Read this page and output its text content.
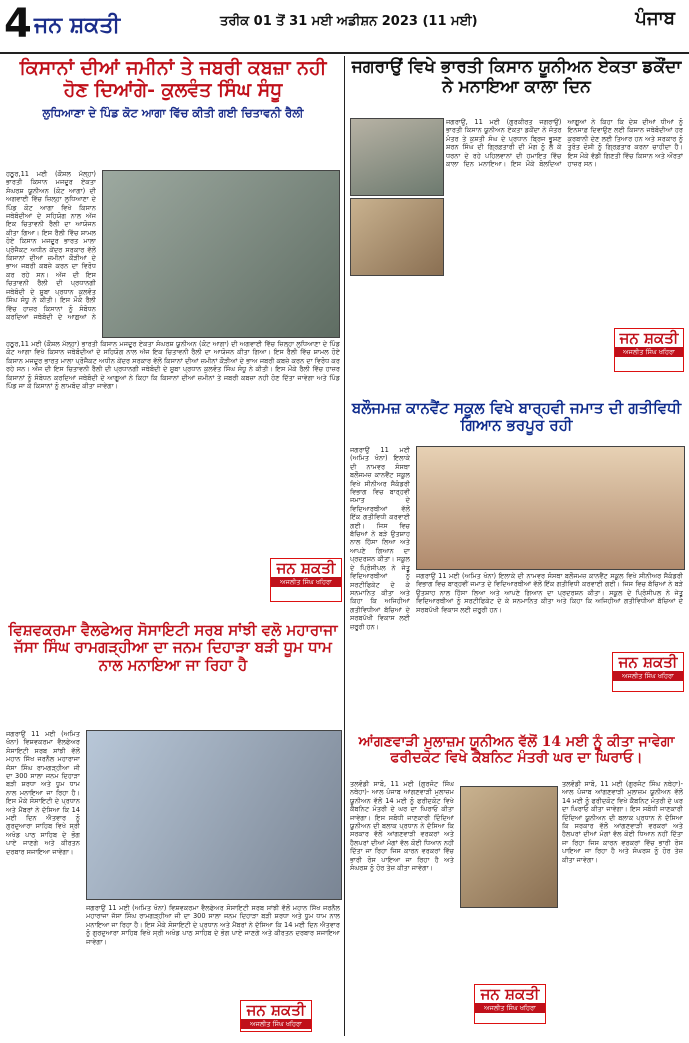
4 ਜਨ ਸ਼ਕਤੀ	ਤਰੀਕ 01 ਤੋਂ 31 ਮਈ ਅਡੀਸ਼ਨ 2023 (11 ਮਈ)	ਪੰਜਾਬ
ਕਿਸਾਨਾਂ ਦੀਆਂ ਜਮੀਨਾਂ ਤੇ ਜਬਰੀ ਕਬਜ਼ਾ ਨਹੀ ਹੋਣ ਦਿਆਂਗੇ- ਕੁਲਵੰਤ ਸਿੰਘ ਸੰਧੂ
ਲੁਧਿਆਣਾ ਦੇ ਪਿੰਡ ਕੋਟ ਆਗਾ ਵਿੱਚ ਕੀਤੀ ਗਈ ਚਿਤਾਵਨੀ ਰੈਲੀ
ਹਠੂਰ,11 ਮਈ (ਕੌਸ਼ਲ ਮੱਲ੍ਹਾ) ਭਾਰਤੀ ਕਿਸਾਨ ਮਜਦੂਰ ਏਕਤਾ ਸੰਘਰਸ਼ ਯੂਨੀਅਨ (ਕੋਟ ਆਗਾ) ਦੀ ਅਗਵਾਈ ਵਿੱਚ ਜ਼ਿਲ੍ਹਾ ਲੁਧਿਆਣਾ ਦੇ ਪਿੰਡ ਕੋਟ ਆਗਾ ਵਿਖੇ ਕਿਸਾਨ ਜਥੇਬੰਦੀਆਂ ਦੇ ਸਹਿਯੋਗ ਨਾਲ ਅੱਜ ਇਕ ਚਿਤਾਵਨੀ ਰੈਲੀ ਦਾ ਆਯੋਜਨ ਕੀਤਾ ਗਿਆ। ਇਸ ਰੈਲੀ ਵਿੱਚ ਸ਼ਾਮਲ ਹੋਏ ਕਿਸਾਨ ਮਜਦੂਰ ਭਾਰਤ ਮਾਲਾ ਪ੍ਰੋਜੈਕਟ ਅਧੀਨ ਕੇਂਦਰ ਸਰਕਾਰ ਵੱਲੋਂ ਕਿਸਾਨਾਂ ਦੀਆਂ ਜ਼ਮੀਨਾਂ ਕੌੜੀਆਂ ਦੇ ਭਾਅ ਜਬਰੀ ਕਬਜ਼ੇ ਕਰਨ ਦਾ ਵਿਰੋਧ ਕਰ ਰਹੇ ਸਨ। ਅੱਜ ਦੀ ਇਸ ਚਿਤਾਵਨੀ ਰੈਲੀ ਦੀ ਪ੍ਰਧਾਨਗੀ ਜਥੇਬੰਦੀ ਦੇ ਸੂਬਾ ਪ੍ਰਧਾਨ ਕੁਲਵੰਤ ਸਿੰਘ ਸੰਧੂ ਨੇ ਕੀਤੀ। ਇਸ ਮੌਕੇ ਰੈਲੀ ਵਿੱਚ ਹਾਜ਼ਰ ਕਿਸਾਨਾਂ ਨੂੰ ਸੰਬੋਧਨ ਕਰਦਿਆਂ ਜਥੇਬੰਦੀ ਦੇ ਆਗੂਆਂ ਨੇ
ਹਠੂਰ,11 ਮਈ (ਕੌਸ਼ਲ ਮੱਲ੍ਹਾ) ਭਾਰਤੀ ਕਿਸਾਨ ਮਜਦੂਰ ਏਕਤਾ ਸੰਘਰਸ਼ ਯੂਨੀਅਨ (ਕੋਟ ਆਗਾ) ਦੀ ਅਗਵਾਈ ਵਿੱਚ ਜ਼ਿਲ੍ਹਾ ਲੁਧਿਆਣਾ ਦੇ ਪਿੰਡ ਕੋਟ ਆਗਾ ਵਿਖੇ ਕਿਸਾਨ ਜਥੇਬੰਦੀਆਂ ਦੇ ਸਹਿਯੋਗ ਨਾਲ ਅੱਜ ਇਕ ਚਿਤਾਵਨੀ ਰੈਲੀ ਦਾ ਆਯੋਜਨ ਕੀਤਾ ਗਿਆ। ਇਸ ਰੈਲੀ ਵਿੱਚ ਸ਼ਾਮਲ ਹੋਏ ਕਿਸਾਨ ਮਜਦੂਰ ਭਾਰਤ ਮਾਲਾ ਪ੍ਰੋਜੈਕਟ ਅਧੀਨ ਕੇਂਦਰ ਸਰਕਾਰ ਵੱਲੋਂ ਕਿਸਾਨਾਂ ਦੀਆਂ ਜ਼ਮੀਨਾਂ ਕੌੜੀਆਂ ਦੇ ਭਾਅ ਜਬਰੀ ਕਬਜ਼ੇ ਕਰਨ ਦਾ ਵਿਰੋਧ ਕਰ ਰਹੇ ਸਨ। ਅੱਜ ਦੀ ਇਸ ਚਿਤਾਵਨੀ ਰੈਲੀ ਦੀ ਪ੍ਰਧਾਨਗੀ ਜਥੇਬੰਦੀ ਦੇ ਸੂਬਾ ਪ੍ਰਧਾਨ ਕੁਲਵੰਤ ਸਿੰਘ ਸੰਧੂ ਨੇ ਕੀਤੀ। ਇਸ ਮੌਕੇ ਰੈਲੀ ਵਿੱਚ ਹਾਜ਼ਰ ਕਿਸਾਨਾਂ ਨੂੰ ਸੰਬੋਧਨ ਕਰਦਿਆਂ ਜਥੇਬੰਦੀ ਦੇ ਆਗੂਆਂ ਨੇ ਕਿਹਾ ਕਿ ਕਿਸਾਨਾਂ ਦੀਆਂ ਜ਼ਮੀਨਾਂ ਤੇ ਜਬਰੀ ਕਬਜ਼ਾ ਨਹੀ ਹੋਣ ਦਿੱਤਾ ਜਾਵੇਗਾ ਅਤੇ ਪਿੰਡ ਪਿੰਡ ਜਾ ਕੇ ਕਿਸਾਨਾਂ ਨੂੰ ਲਾਮਬੰਦ ਕੀਤਾ ਜਾਵੇਗਾ।
ਜਨ ਸ਼ਕਤੀ
ਅਜਲੀਤ ਸਿੰਘ ਖਹਿਰਾ
ਵਿਸ਼ਵਕਰਮਾ ਵੈਲਫੇਅਰ ਸੋਸਾਇਟੀ ਸਰਬ ਸਾਂਝੀ ਵਲੋ ਮਹਾਰਾਜਾ ਜੱਸਾ ਸਿੰਘ ਰਾਮਗੜ੍ਹੀਆ ਦਾ ਜਨਮ ਦਿਹਾੜਾ ਬੜੀ ਧੂਮ ਧਾਮ ਨਾਲ ਮਨਾਇਆ ਜਾ ਰਿਹਾ ਹੈ
ਜਗਰਾਉਂ 11 ਮਈ (ਅਮਿਤ ਖੰਨਾ) ਵਿਸ਼ਵਕਰਮਾ ਵੈਲਫੇਅਰ ਸੋਸਾਇਟੀ ਸਰਬ ਸਾਂਝੀ ਵੱਲੋਂ ਮਹਾਨ ਸਿੱਖ ਜਰਨੈਲ ਮਹਾਰਾਜਾ ਜੱਸਾ ਸਿੰਘ ਰਾਮਗੜ੍ਹੀਆ ਜੀ ਦਾ 300 ਸਾਲਾ ਜਨਮ ਦਿਹਾੜਾ ਬੜੀ ਸ਼ਰਧਾ ਅਤੇ ਧੂਮ ਧਾਮ ਨਾਲ ਮਨਾਇਆ ਜਾ ਰਿਹਾ ਹੈ। ਇਸ ਮੌਕੇ ਸੋਸਾਇਟੀ ਦੇ ਪ੍ਰਧਾਨ ਅਤੇ ਮੈਂਬਰਾਂ ਨੇ ਦੱਸਿਆ ਕਿ 14 ਮਈ ਦਿਨ ਐਤਵਾਰ ਨੂੰ ਗੁਰਦੁਆਰਾ ਸਾਹਿਬ ਵਿਖੇ ਸ੍ਰੀ ਅਖੰਡ ਪਾਠ ਸਾਹਿਬ ਦੇ ਭੋਗ ਪਾਏ ਜਾਣਗੇ ਅਤੇ ਕੀਰਤਨ ਦਰਬਾਰ ਸਜਾਇਆ ਜਾਵੇਗਾ।
ਜਗਰਾਉਂ 11 ਮਈ (ਅਮਿਤ ਖੰਨਾ) ਵਿਸ਼ਵਕਰਮਾ ਵੈਲਫੇਅਰ ਸੋਸਾਇਟੀ ਸਰਬ ਸਾਂਝੀ ਵੱਲੋਂ ਮਹਾਨ ਸਿੱਖ ਜਰਨੈਲ ਮਹਾਰਾਜਾ ਜੱਸਾ ਸਿੰਘ ਰਾਮਗੜ੍ਹੀਆ ਜੀ ਦਾ 300 ਸਾਲਾ ਜਨਮ ਦਿਹਾੜਾ ਬੜੀ ਸ਼ਰਧਾ ਅਤੇ ਧੂਮ ਧਾਮ ਨਾਲ ਮਨਾਇਆ ਜਾ ਰਿਹਾ ਹੈ। ਇਸ ਮੌਕੇ ਸੋਸਾਇਟੀ ਦੇ ਪ੍ਰਧਾਨ ਅਤੇ ਮੈਂਬਰਾਂ ਨੇ ਦੱਸਿਆ ਕਿ 14 ਮਈ ਦਿਨ ਐਤਵਾਰ ਨੂੰ ਗੁਰਦੁਆਰਾ ਸਾਹਿਬ ਵਿਖੇ ਸ੍ਰੀ ਅਖੰਡ ਪਾਠ ਸਾਹਿਬ ਦੇ ਭੋਗ ਪਾਏ ਜਾਣਗੇ ਅਤੇ ਕੀਰਤਨ ਦਰਬਾਰ ਸਜਾਇਆ ਜਾਵੇਗਾ।
ਜਨ ਸ਼ਕਤੀ
ਅਜਲੀਤ ਸਿੰਘ ਖਹਿਰਾ
ਜਗਰਾਉਂ ਵਿਖੇ ਭਾਰਤੀ ਕਿਸਾਨ ਯੂਨੀਅਨ ਏਕਤਾ ਡਕੌਂਦਾ ਨੇ ਮਨਾਇਆ ਕਾਲਾ ਦਿਨ
ਜਗਰਾਉਂ, 11 ਮਈ (ਗੁਰਕੀਰਤ ਜਗਰਾਉਂ) ਭਾਰਤੀ ਕਿਸਾਨ ਯੂਨੀਅਨ ਏਕਤਾ ਡਕੌਂਦਾ ਨੇ ਜੰਤਰ ਮੰਤਰ ਤੇ ਕੁਸ਼ਤੀ ਸੰਘ ਦੇ ਪ੍ਰਧਾਨ ਬ੍ਰਿਜ ਭੂਸ਼ਣ ਸ਼ਰਨ ਸਿੰਘ ਦੀ ਗ੍ਰਿਫ਼ਤਾਰੀ ਦੀ ਮੰਗ ਨੂੰ ਲੈ ਕੇ ਧਰਨਾ ਦੇ ਰਹੇ ਪਹਿਲਵਾਨਾਂ ਦੀ ਹਮਾਇਤ ਵਿੱਚ ਕਾਲਾ ਦਿਨ ਮਨਾਇਆ। ਇਸ ਮੌਕੇ ਬੋਲਦਿਆਂ ਆਗੂਆਂ ਨੇ ਕਿਹਾ ਕਿ ਦੇਸ਼ ਦੀਆਂ ਧੀਆਂ ਨੂੰ ਇਨਸਾਫ਼ ਦਿਵਾਉਣ ਲਈ ਕਿਸਾਨ ਜਥੇਬੰਦੀਆਂ ਹਰ ਕੁਰਬਾਨੀ ਦੇਣ ਲਈ ਤਿਆਰ ਹਨ ਅਤੇ ਸਰਕਾਰ ਨੂੰ ਤੁਰੰਤ ਦੋਸ਼ੀ ਨੂੰ ਗ੍ਰਿਫ਼ਤਾਰ ਕਰਨਾ ਚਾਹੀਦਾ ਹੈ। ਇਸ ਮੌਕੇ ਵੱਡੀ ਗਿਣਤੀ ਵਿੱਚ ਕਿਸਾਨ ਅਤੇ ਔਰਤਾਂ ਹਾਜ਼ਰ ਸਨ।
ਜਨ ਸ਼ਕਤੀ
ਅਜਲੀਤ ਸਿੰਘ ਖਹਿਰਾ
ਬਲੌਜਮਜ਼ ਕਾਨਵੈਂਟ ਸਕੂਲ ਵਿਖੇ ਬਾਰ੍ਹਵੀ ਜਮਾਤ ਦੀ ਗਤੀਵਿਧੀ ਗਿਆਨ ਭਰਪੂਰ ਰਹੀ
ਜਗਰਾਉਂ 11 ਮਈ (ਅਮਿਤ ਖੰਨਾ) ਇਲਾਕੇ ਦੀ ਨਾਮਵਰ ਸੰਸਥਾ ਬਲੌਜਮਜ਼ ਕਾਨਵੈਂਟ ਸਕੂਲ ਵਿਖੇ ਸੀਨੀਅਰ ਸੈਕੰਡਰੀ ਵਿਭਾਗ ਵਿਚ ਬਾਰ੍ਹਵੀਂ ਜਮਾਤ ਦੇ ਵਿਦਿਆਰਥੀਆਂ ਵੱਲੋਂ ਇੱਕ ਗਤੀਵਿਧੀ ਕਰਵਾਈ ਗਈ। ਜਿਸ ਵਿਚ ਬੱਚਿਆਂ ਨੇ ਬੜੇ ਉਤਸ਼ਾਹ ਨਾਲ ਹਿੱਸਾ ਲਿਆ ਅਤੇ ਆਪਣੇ ਗਿਆਨ ਦਾ ਪ੍ਰਦਰਸ਼ਨ ਕੀਤਾ। ਸਕੂਲ ਦੇ ਪ੍ਰਿੰਸੀਪਲ ਨੇ ਜੇਤੂ ਵਿਦਿਆਰਥੀਆਂ ਨੂੰ ਸਰਟੀਫਿਕੇਟ ਦੇ ਕੇ ਸਨਮਾਨਿਤ ਕੀਤਾ ਅਤੇ ਕਿਹਾ ਕਿ ਅਜਿਹੀਆਂ ਗਤੀਵਿਧੀਆਂ ਬੱਚਿਆਂ ਦੇ ਸਰਬਪੱਖੀ ਵਿਕਾਸ ਲਈ ਜ਼ਰੂਰੀ ਹਨ।
ਜਗਰਾਉਂ 11 ਮਈ (ਅਮਿਤ ਖੰਨਾ) ਇਲਾਕੇ ਦੀ ਨਾਮਵਰ ਸੰਸਥਾ ਬਲੌਜਮਜ਼ ਕਾਨਵੈਂਟ ਸਕੂਲ ਵਿਖੇ ਸੀਨੀਅਰ ਸੈਕੰਡਰੀ ਵਿਭਾਗ ਵਿਚ ਬਾਰ੍ਹਵੀਂ ਜਮਾਤ ਦੇ ਵਿਦਿਆਰਥੀਆਂ ਵੱਲੋਂ ਇੱਕ ਗਤੀਵਿਧੀ ਕਰਵਾਈ ਗਈ। ਜਿਸ ਵਿਚ ਬੱਚਿਆਂ ਨੇ ਬੜੇ ਉਤਸ਼ਾਹ ਨਾਲ ਹਿੱਸਾ ਲਿਆ ਅਤੇ ਆਪਣੇ ਗਿਆਨ ਦਾ ਪ੍ਰਦਰਸ਼ਨ ਕੀਤਾ। ਸਕੂਲ ਦੇ ਪ੍ਰਿੰਸੀਪਲ ਨੇ ਜੇਤੂ ਵਿਦਿਆਰਥੀਆਂ ਨੂੰ ਸਰਟੀਫਿਕੇਟ ਦੇ ਕੇ ਸਨਮਾਨਿਤ ਕੀਤਾ ਅਤੇ ਕਿਹਾ ਕਿ ਅਜਿਹੀਆਂ ਗਤੀਵਿਧੀਆਂ ਬੱਚਿਆਂ ਦੇ ਸਰਬਪੱਖੀ ਵਿਕਾਸ ਲਈ ਜ਼ਰੂਰੀ ਹਨ।
ਜਨ ਸ਼ਕਤੀ
ਅਜਲੀਤ ਸਿੰਘ ਖਹਿਰਾ
ਆਂਗਣਵਾੜੀ ਮੁਲਾਜ਼ਮ ਯੂਨੀਅਨ ਵੱਲੋਂ 14 ਮਈ ਨੂੰ ਕੀਤਾ ਜਾਵੇਗਾ ਫਰੀਦਕੋਟ ਵਿਖੇ ਕੈਬਨਿਟ ਮੰਤਰੀ ਘਰ ਦਾ ਘਿਰਾਓ।
ਤਲਵੰਡੀ ਸਾਬੋ, 11 ਮਈ (ਗੁਰਜੰਟ ਸਿੰਘ ਨਥੇਹਾ)- ਆਲ ਪੰਜਾਬ ਆਂਗਣਵਾੜੀ ਮੁਲਾਜ਼ਮ ਯੂਨੀਅਨ ਵੱਲੋਂ 14 ਮਈ ਨੂੰ ਫਰੀਦਕੋਟ ਵਿਖੇ ਕੈਬਨਿਟ ਮੰਤਰੀ ਦੇ ਘਰ ਦਾ ਘਿਰਾਓ ਕੀਤਾ ਜਾਵੇਗਾ। ਇਸ ਸਬੰਧੀ ਜਾਣਕਾਰੀ ਦਿੰਦਿਆਂ ਯੂਨੀਅਨ ਦੀ ਬਲਾਕ ਪ੍ਰਧਾਨ ਨੇ ਦੱਸਿਆ ਕਿ ਸਰਕਾਰ ਵੱਲੋਂ ਆਂਗਣਵਾੜੀ ਵਰਕਰਾਂ ਅਤੇ ਹੈਲਪਰਾਂ ਦੀਆਂ ਮੰਗਾਂ ਵੱਲ ਕੋਈ ਧਿਆਨ ਨਹੀਂ ਦਿੱਤਾ ਜਾ ਰਿਹਾ ਜਿਸ ਕਾਰਨ ਵਰਕਰਾਂ ਵਿੱਚ ਭਾਰੀ ਰੋਸ ਪਾਇਆ ਜਾ ਰਿਹਾ ਹੈ ਅਤੇ ਸੰਘਰਸ਼ ਨੂੰ ਹੋਰ ਤੇਜ਼ ਕੀਤਾ ਜਾਵੇਗਾ।
ਤਲਵੰਡੀ ਸਾਬੋ, 11 ਮਈ (ਗੁਰਜੰਟ ਸਿੰਘ ਨਥੇਹਾ)- ਆਲ ਪੰਜਾਬ ਆਂਗਣਵਾੜੀ ਮੁਲਾਜ਼ਮ ਯੂਨੀਅਨ ਵੱਲੋਂ 14 ਮਈ ਨੂੰ ਫਰੀਦਕੋਟ ਵਿਖੇ ਕੈਬਨਿਟ ਮੰਤਰੀ ਦੇ ਘਰ ਦਾ ਘਿਰਾਓ ਕੀਤਾ ਜਾਵੇਗਾ। ਇਸ ਸਬੰਧੀ ਜਾਣਕਾਰੀ ਦਿੰਦਿਆਂ ਯੂਨੀਅਨ ਦੀ ਬਲਾਕ ਪ੍ਰਧਾਨ ਨੇ ਦੱਸਿਆ ਕਿ ਸਰਕਾਰ ਵੱਲੋਂ ਆਂਗਣਵਾੜੀ ਵਰਕਰਾਂ ਅਤੇ ਹੈਲਪਰਾਂ ਦੀਆਂ ਮੰਗਾਂ ਵੱਲ ਕੋਈ ਧਿਆਨ ਨਹੀਂ ਦਿੱਤਾ ਜਾ ਰਿਹਾ ਜਿਸ ਕਾਰਨ ਵਰਕਰਾਂ ਵਿੱਚ ਭਾਰੀ ਰੋਸ ਪਾਇਆ ਜਾ ਰਿਹਾ ਹੈ ਅਤੇ ਸੰਘਰਸ਼ ਨੂੰ ਹੋਰ ਤੇਜ਼ ਕੀਤਾ ਜਾਵੇਗਾ।
ਜਨ ਸ਼ਕਤੀ
ਅਜਲੀਤ ਸਿੰਘ ਖਹਿਰਾ
